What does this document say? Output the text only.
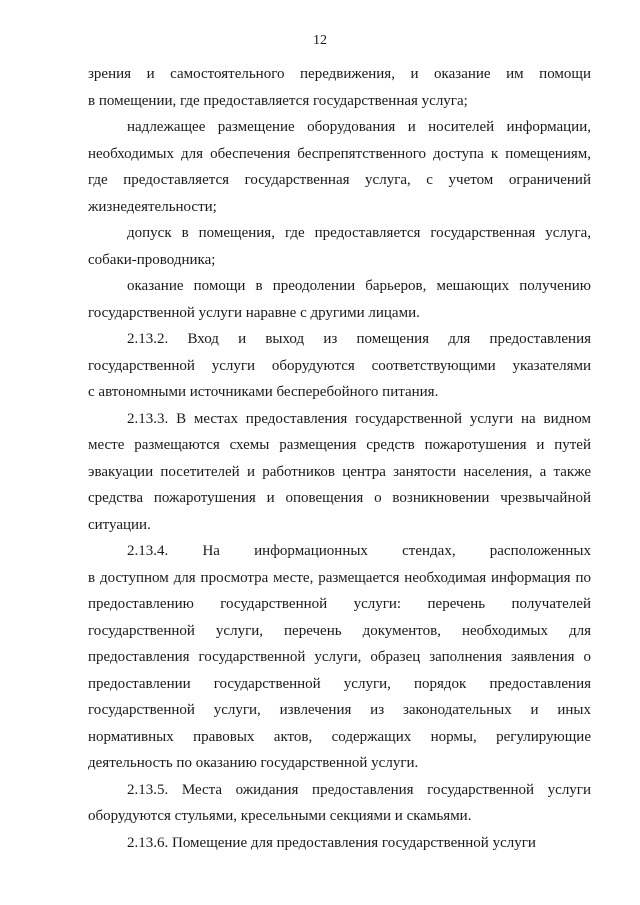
12
зрения и самостоятельного передвижения, и оказание им помощи
в помещении, где предоставляется государственная услуга;
надлежащее размещение оборудования и носителей информации,
необходимых для обеспечения беспрепятственного доступа к помещениям,
где предоставляется государственная услуга, с учетом ограничений
жизнедеятельности;
допуск в помещения, где предоставляется государственная услуга,
собаки-проводника;
оказание помощи в преодолении барьеров, мешающих получению
государственной услуги наравне с другими лицами.
2.13.2. Вход и выход из помещения для предоставления
государственной услуги оборудуются соответствующими указателями
с автономными источниками бесперебойного питания.
2.13.3. В местах предоставления государственной услуги на видном
месте размещаются схемы размещения средств пожаротушения и путей
эвакуации посетителей и работников центра занятости населения, а также
средства пожаротушения и оповещения о возникновении чрезвычайной
ситуации.
2.13.4. На информационных стендах, расположенных
в доступном для просмотра месте, размещается необходимая информация по
предоставлению государственной услуги: перечень получателей
государственной услуги, перечень документов, необходимых для
предоставления государственной услуги, образец заполнения заявления о
предоставлении государственной услуги, порядок предоставления
государственной услуги, извлечения из законодательных и иных
нормативных правовых актов, содержащих нормы, регулирующие
деятельность по оказанию государственной услуги.
2.13.5. Места ожидания предоставления государственной услуги
оборудуются стульями, кресельными секциями и скамьями.
2.13.6. Помещение для предоставления государственной услуги
